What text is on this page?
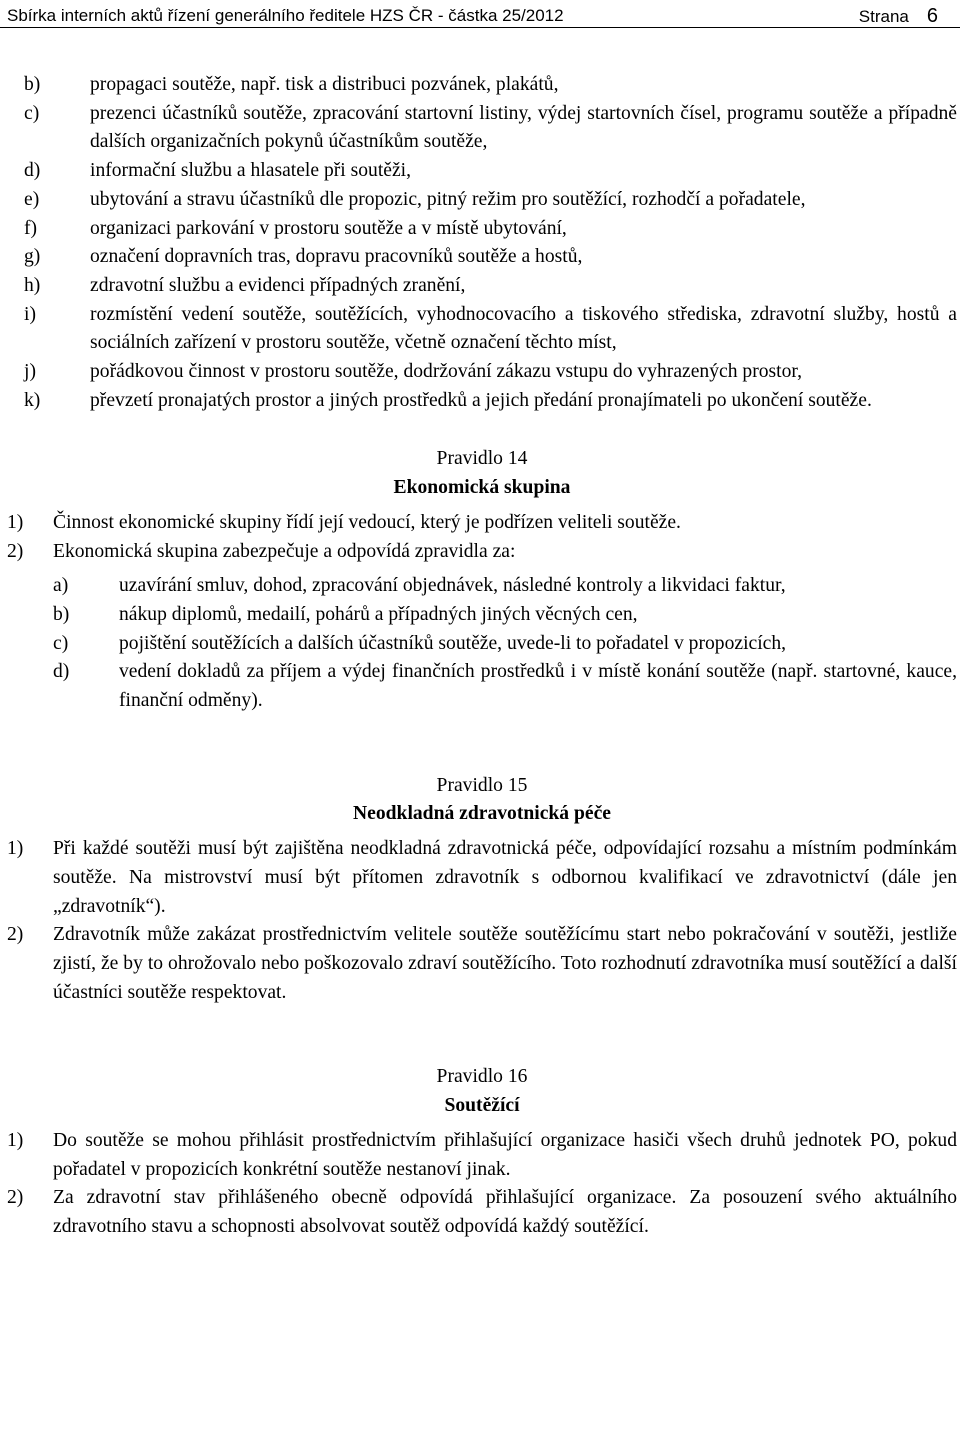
Sbírka interních aktů řízení generálního ředitele HZS ČR - částka 25/2012	Strana 6
b)	propagaci soutěže, např. tisk a distribuci pozvánek, plakátů,
c)	prezenci účastníků soutěže, zpracování startovní listiny, výdej startovních čísel, programu soutěže a případně dalších organizačních pokynů účastníkům soutěže,
d)	informační službu a hlasatele při soutěži,
e)	ubytování a stravu účastníků dle propozic, pitný režim pro soutěžící, rozhodčí a pořadatele,
f)	organizaci parkování v prostoru soutěže a v místě ubytování,
g)	označení dopravních tras, dopravu pracovníků soutěže a hostů,
h)	zdravotní službu a evidenci případných zranění,
i)	rozmístění vedení soutěže, soutěžících, vyhodnocovacího a tiskového střediska, zdravotní služby, hostů a sociálních zařízení v prostoru soutěže, včetně označení těchto míst,
j)	pořádkovou činnost v prostoru soutěže, dodržování zákazu vstupu do vyhrazených prostor,
k)	převzetí pronajatých prostor a jiných prostředků a jejich předání pronajímateli po ukončení soutěže.
Pravidlo 14
Ekonomická skupina
1) Činnost ekonomické skupiny řídí její vedoucí, který je podřízen veliteli soutěže.
2) Ekonomická skupina zabezpečuje a odpovídá zpravidla za:
a)	uzavírání smluv, dohod, zpracování objednávek, následné kontroly a likvidaci faktur,
b)	nákup diplomů, medailí, pohárů a případných jiných věcných cen,
c)	pojištění soutěžících a dalších účastníků soutěže, uvede-li to pořadatel v propozicích,
d)	vedení dokladů za příjem a výdej finančních prostředků i v místě konání soutěže (např. startovné, kauce, finanční odměny).
Pravidlo 15
Neodkladná zdravotnická péče
1) Při každé soutěži musí být zajištěna neodkladná zdravotnická péče, odpovídající rozsahu a místním podmínkám soutěže. Na mistrovství musí být přítomen zdravotník s odbornou kvalifikací ve zdravotnictví (dále jen „zdravotník“).
2) Zdravotník může zakázat prostřednictvím velitele soutěže soutěžícímu start nebo pokračování v soutěži, jestliže zjistí, že by to ohrožovalo nebo poškozovalo zdraví soutěžícího. Toto rozhodnutí zdravotníka musí soutěžící a další účastníci soutěže respektovat.
Pravidlo 16
Soutěžící
1) Do soutěže se mohou přihlásit prostřednictvím přihlašující organizace hasiči všech druhů jednotek PO, pokud pořadatel v propozicích konkrétní soutěže nestanoví jinak.
2) Za zdravotní stav přihlášeného obecně odpovídá přihlašující organizace. Za posouzení svého aktuálního zdravotního stavu a schopnosti absolvovat soutěž odpovídá každý soutěžící.
